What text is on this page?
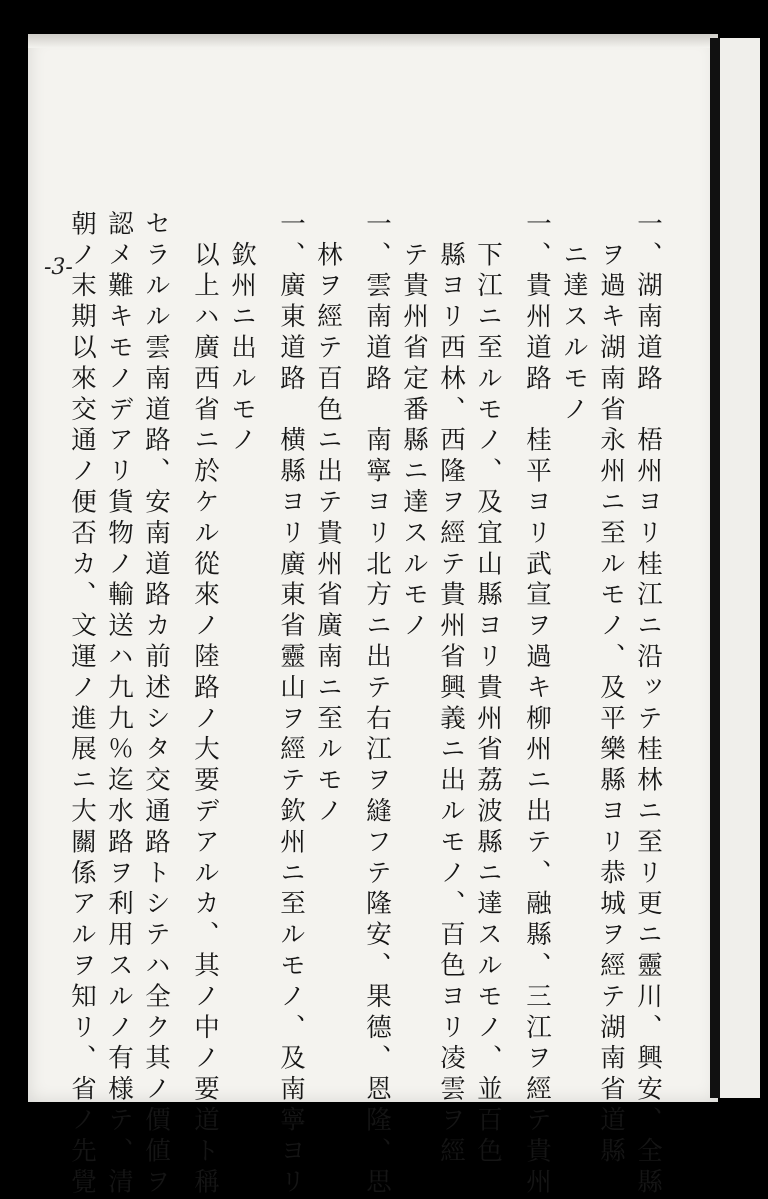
-3-	一、湖南道路　梧州ヨリ桂江ニ沿ッテ桂林ニ至リ更ニ靈川、興安、全縣
　ヲ過キ湖南省永州ニ至ルモノ、及平樂縣ヨリ恭城ヲ經テ湖南省道縣
　ニ達スルモノ
一、貴州道路　桂平ヨリ武宣ヲ過キ柳州ニ出テ、融縣、三江ヲ經テ貴州
　下江ニ至ルモノ、及宜山縣ヨリ貴州省荔波縣ニ達スルモノ、並百色
　縣ヨリ西林、西隆ヲ經テ貴州省興義ニ出ルモノ、百色ヨリ凌雲ヲ經
　テ貴州省定番縣ニ達スルモノ
一、雲南道路　南寧ヨリ北方ニ出テ右江ヲ縫フテ隆安、果德、恩隆、思
　林ヲ經テ百色ニ出テ貴州省廣南ニ至ルモノ
一、廣東道路　横縣ヨリ廣東省靈山ヲ經テ欽州ニ至ルモノ、及南寧ヨリ
　欽州ニ出ルモノ
　以上ハ廣西省ニ於ケル從來ノ陸路ノ大要デアルカ、其ノ中ノ要道ト稱
セラルル雲南道路、安南道路カ前述シタ交通路トシテハ全ク其ノ價値ヲ
認メ難キモノデアリ貨物ノ輸送ハ九九％迄水路ヲ利用スルノ有様テ、清
朝ノ末期以來交通ノ便否カ、文運ノ進展ニ大關係アルヲ知リ、省ノ先覺
